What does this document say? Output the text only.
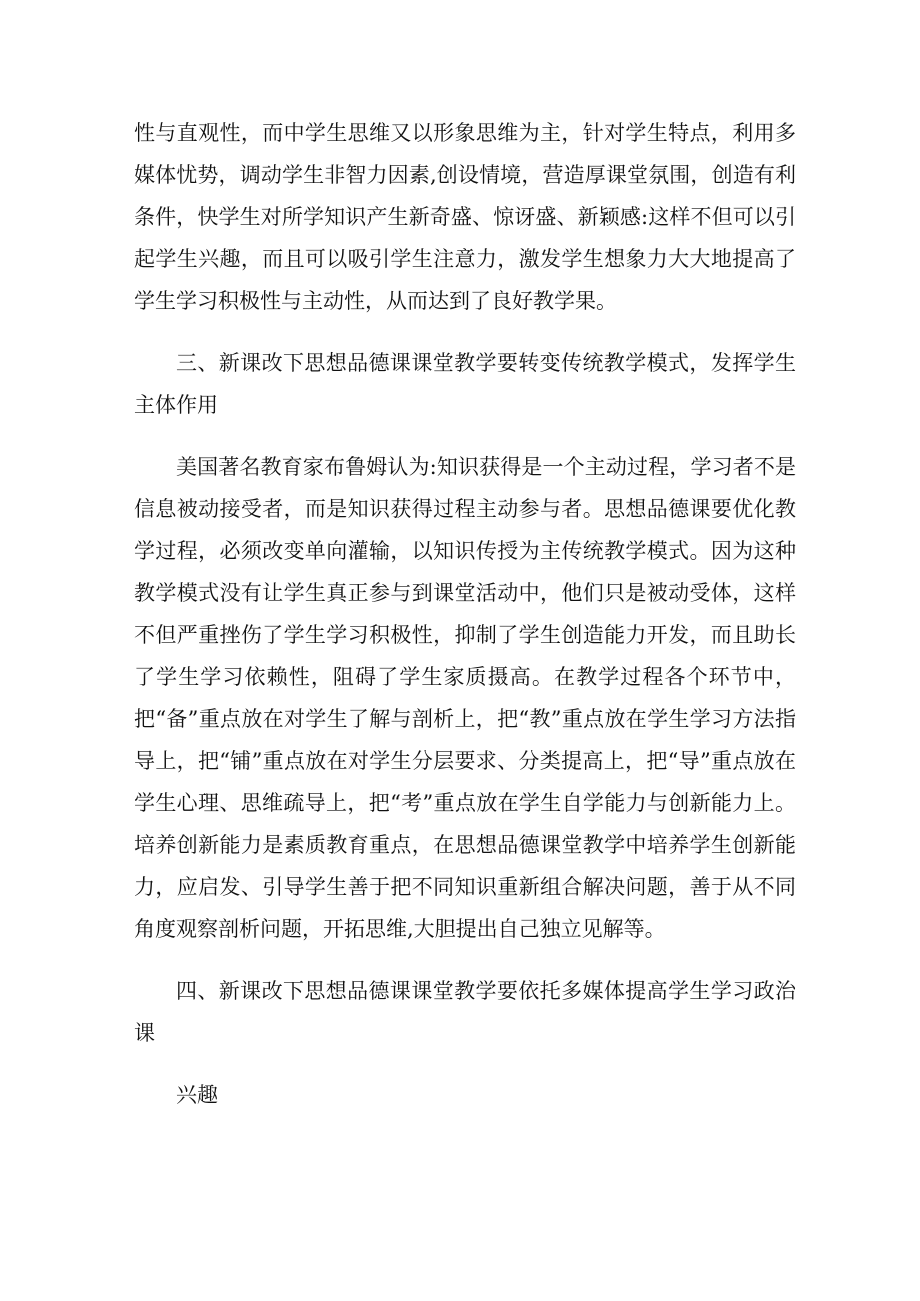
性与直观性，而中学生思维又以形象思维为主，针对学生特点，利用多媒体忧势，调动学生非智力因素,创设情境，营造厚课堂氛围，创造有利条件，快学生对所学知识产生新奇盛、惊讶盛、新颖感:这样不但可以引起学生兴趣，而且可以吸引学生注意力，激发学生想象力大大地提高了学生学习积极性与主动性，从而达到了良好教学果。

三、新课改下思想品德课课堂教学要转变传统教学模式，发挥学生主体作用

美国著名教育家布鲁姆认为:知识获得是一个主动过程，学习者不是信息被动接受者，而是知识获得过程主动参与者。思想品德课要优化教学过程，必须改变单向灌输，以知识传授为主传统教学模式。因为这种教学模式没有让学生真正参与到课堂活动中，他们只是被动受体，这样不但严重挫伤了学生学习积极性，抑制了学生创造能力开发，而且助长了学生学习依赖性，阻碍了学生家质摄高。在教学过程各个环节中，把“备”重点放在对学生了解与剖析上，把“教”重点放在学生学习方法指导上，把“铺”重点放在对学生分层要求、分类提高上，把“导”重点放在学生心理、思维疏导上，把“考”重点放在学生自学能力与创新能力上。培养创新能力是素质教育重点，在思想品德课堂教学中培养学生创新能力，应启发、引导学生善于把不同知识重新组合解决问题，善于从不同角度观察剖析问题，开拓思维,大胆提出自己独立见解等。

四、新课改下思想品德课课堂教学要依托多媒体提高学生学习政治课

兴趣
